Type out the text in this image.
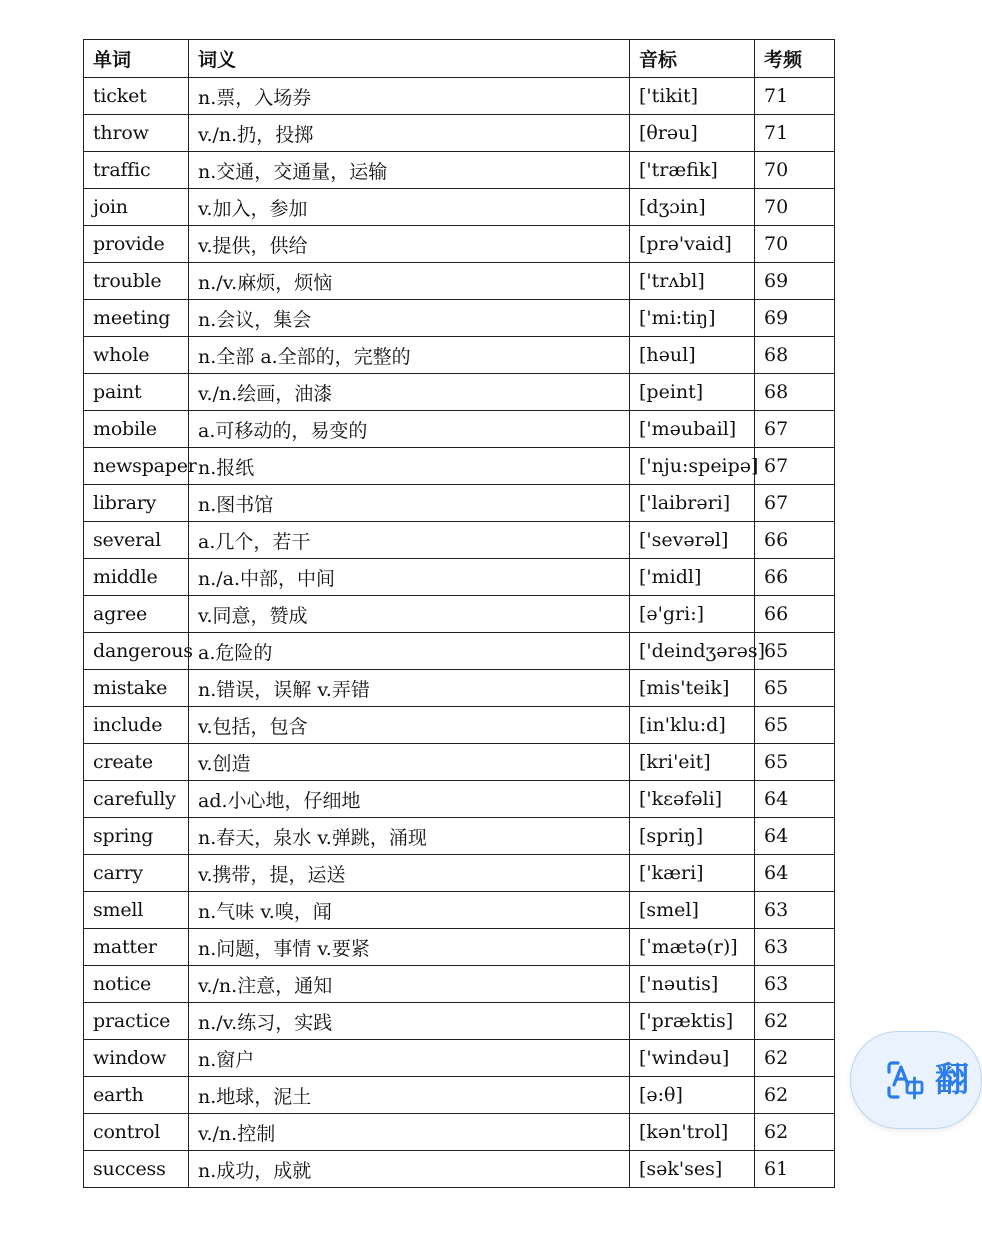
单词	词义	音标	考频
ticket	n.票，入场券	['tikit]	71
throw	v./n.扔，投掷	[θrəu]	71
traffic	n.交通，交通量，运输	['træfik]	70
join	v.加入，参加	[dʒɔin]	70
provide	v.提供，供给	[prə'vaid]	70
trouble	n./v.麻烦，烦恼	['trʌbl]	69
meeting	n.会议，集会	['mi:tiŋ]	69
whole	n.全部 a.全部的，完整的	[həul]	68
paint	v./n.绘画，油漆	[peint]	68
mobile	a.可移动的，易变的	['məubail]	67
newspaper	n.报纸	['nju:speipə]	67
library	n.图书馆	['laibrəri]	67
several	a.几个，若干	['sevərəl]	66
middle	n./a.中部，中间	['midl]	66
agree	v.同意，赞成	[ə'gri:]	66
dangerous	a.危险的	['deindʒərəs]	65
mistake	n.错误，误解 v.弄错	[mis'teik]	65
include	v.包括，包含	[in'klu:d]	65
create	v.创造	[kri'eit]	65
carefully	ad.小心地，仔细地	['kɛəfəli]	64
spring	n.春天，泉水 v.弹跳，涌现	[spriŋ]	64
carry	v.携带，提，运送	['kæri]	64
smell	n.气味 v.嗅，闻	[smel]	63
matter	n.问题，事情 v.要紧	[ˈmætə(r)]	63
notice	v./n.注意，通知	['nəutis]	63
practice	n./v.练习，实践	['præktis]	62
window	n.窗户	['windəu]	62
earth	n.地球，泥土	[ə:θ]	62
control	v./n.控制	[kən'trol]	62
success	n.成功，成就	[sək'ses]	61
翻
